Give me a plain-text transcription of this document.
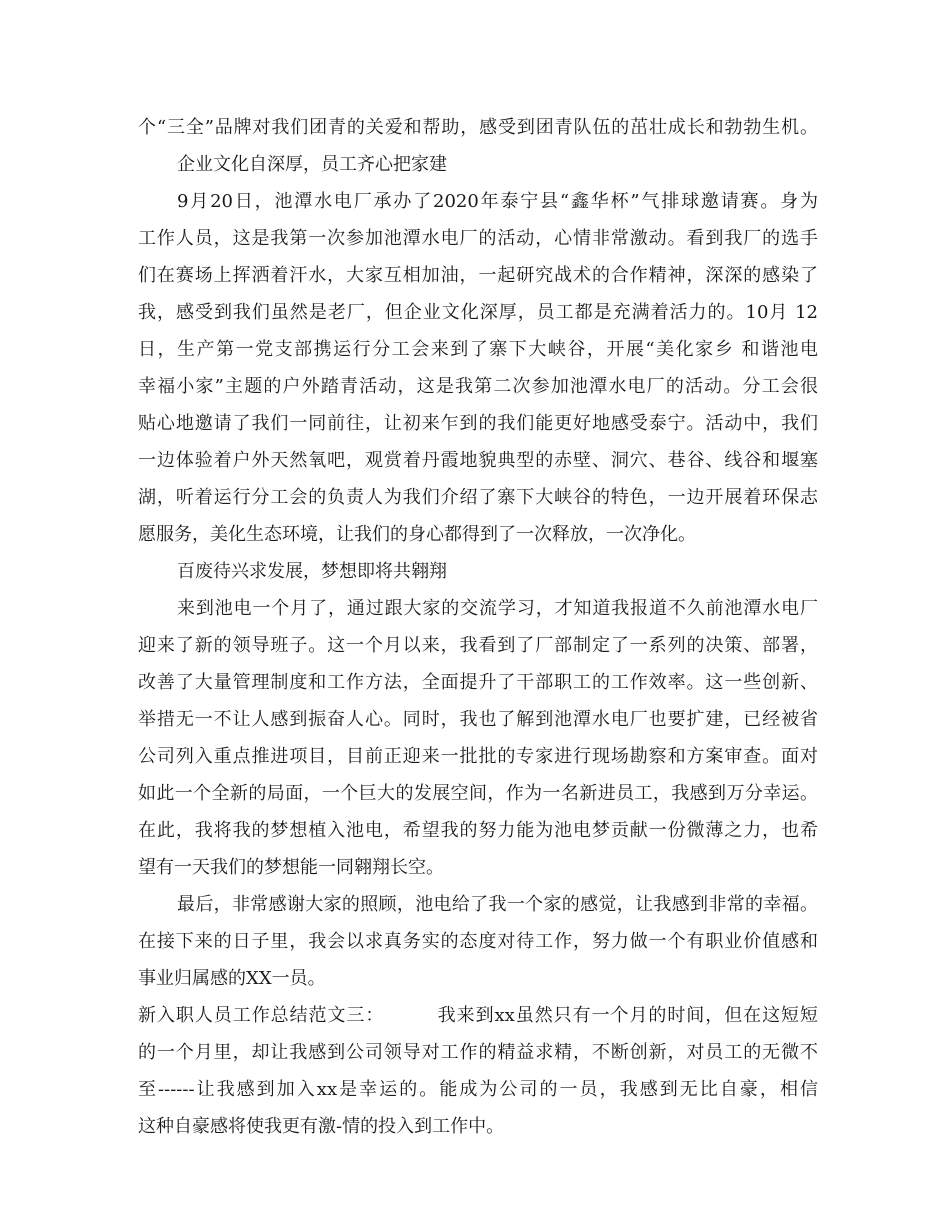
个“三全”品牌对我们团青的关爱和帮助，感受到团青队伍的茁壮成长和勃勃生机。
企业文化自深厚，员工齐心把家建
9月20日，池潭水电厂承办了2020年泰宁县“鑫华杯”气排球邀请赛。身为
工作人员，这是我第一次参加池潭水电厂的活动，心情非常激动。看到我厂的选手
们在赛场上挥洒着汗水，大家互相加油，一起研究战术的合作精神，深深的感染了
我，感受到我们虽然是老厂，但企业文化深厚，员工都是充满着活力的。10月 12
日，生产第一党支部携运行分工会来到了寨下大峡谷，开展“美化家乡 和谐池电
幸福小家”主题的户外踏青活动，这是我第二次参加池潭水电厂的活动。分工会很
贴心地邀请了我们一同前往，让初来乍到的我们能更好地感受泰宁。活动中，我们
一边体验着户外天然氧吧，观赏着丹霞地貌典型的赤壁、洞穴、巷谷、线谷和堰塞
湖，听着运行分工会的负责人为我们介绍了寨下大峡谷的特色，一边开展着环保志
愿服务，美化生态环境，让我们的身心都得到了一次释放，一次净化。
百废待兴求发展，梦想即将共翱翔
来到池电一个月了，通过跟大家的交流学习，才知道我报道不久前池潭水电厂
迎来了新的领导班子。这一个月以来，我看到了厂部制定了一系列的决策、部署，
改善了大量管理制度和工作方法，全面提升了干部职工的工作效率。这一些创新、
举措无一不让人感到振奋人心。同时，我也了解到池潭水电厂也要扩建，已经被省
公司列入重点推进项目，目前正迎来一批批的专家进行现场勘察和方案审查。面对
如此一个全新的局面，一个巨大的发展空间，作为一名新进员工，我感到万分幸运。
在此，我将我的梦想植入池电，希望我的努力能为池电梦贡献一份微薄之力，也希
望有一天我们的梦想能一同翱翔长空。
最后，非常感谢大家的照顾，池电给了我一个家的感觉，让我感到非常的幸福。
在接下来的日子里，我会以求真务实的态度对待工作，努力做一个有职业价值感和
事业归属感的XX一员。
新入职人员工作总结范文三：        我来到xx虽然只有一个月的时间，但在这短短
的一个月里，却让我感到公司领导对工作的精益求精，不断创新，对员工的无微不
至------让我感到加入xx是幸运的。能成为公司的一员，我感到无比自豪，相信
这种自豪感将使我更有激-情的投入到工作中。
